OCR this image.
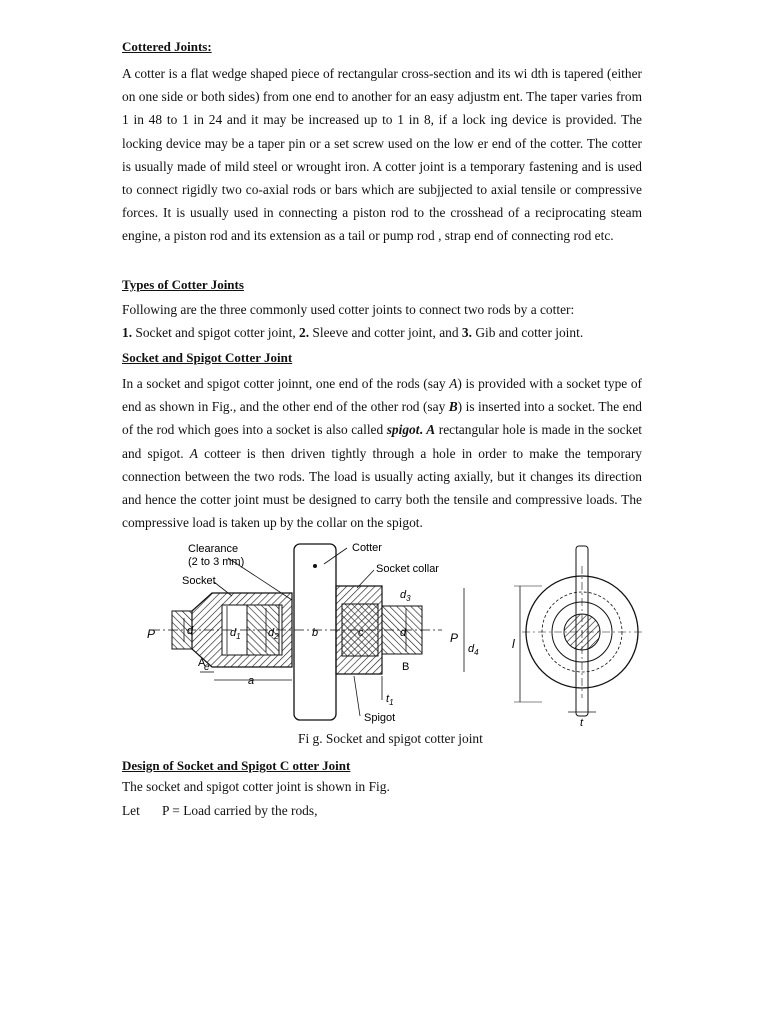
Cottered Joints:

A cotter is a flat wedge shaped piece of rectangular cross-section and its wi dth is tapered (either on one side or both sides) from one end to another for an easy adjustm ent. The taper varies from 1 in 48 to 1 in 24 and it may be increased up to 1 in 8, if a lock ing device is provided. The locking device may be a taper pin or a set screw used on the low er end of the cotter. The cotter is usually made of mild steel or wrought iron. A cotter joint is a temporary fastening and is used to connect rigidly two co-axial rods or bars which are subjjected to axial tensile or compressive forces. It is usually used in connecting a piston rod to the crosshead of a reciprocating steam engine, a piston rod and its extension as a tail or pump rod , strap end of connecting rod etc.

Types of Cotter Joints
Following are the three commonly used cotter joints to connect two rods by a cotter:
1. Socket and spigot cotter joint, 2. Sleeve and cotter joint, and 3. Gib and cotter joint.
Socket and Spigot Cotter Joint

In a socket and spigot cotter joinnt, one end of the rods (say A) is provided with a socket type of end as shown in Fig., and the other end of the other rod (say B) is inserted into a socket. The end of the rod which goes into a socket is also called spigot. A rectangular hole is made in the socket and spigot. A cotteer is then driven tightly through a hole in order to make the temporary connection between the two rods. The load is usually acting axially, but it changes its direction and hence the cotter joint must be designed to carry both the tensile and compressive loads. The compressive load is taken up by the collar on the spigot.

Clearance
(2 to 3 mm)
Socket
Cotter
Socket collar
Spigot
P	P
A	B
d	$d_1$ $d_2$
$d_3$
$d_4$
d
b	c
e
a
$t_1$
l
t
Fi g. Socket and spigot cotter joint
Design of Socket and Spigot C otter Joint
The socket and spigot cotter joint is shown in Fig.
Let P = Load carried by the rods,
